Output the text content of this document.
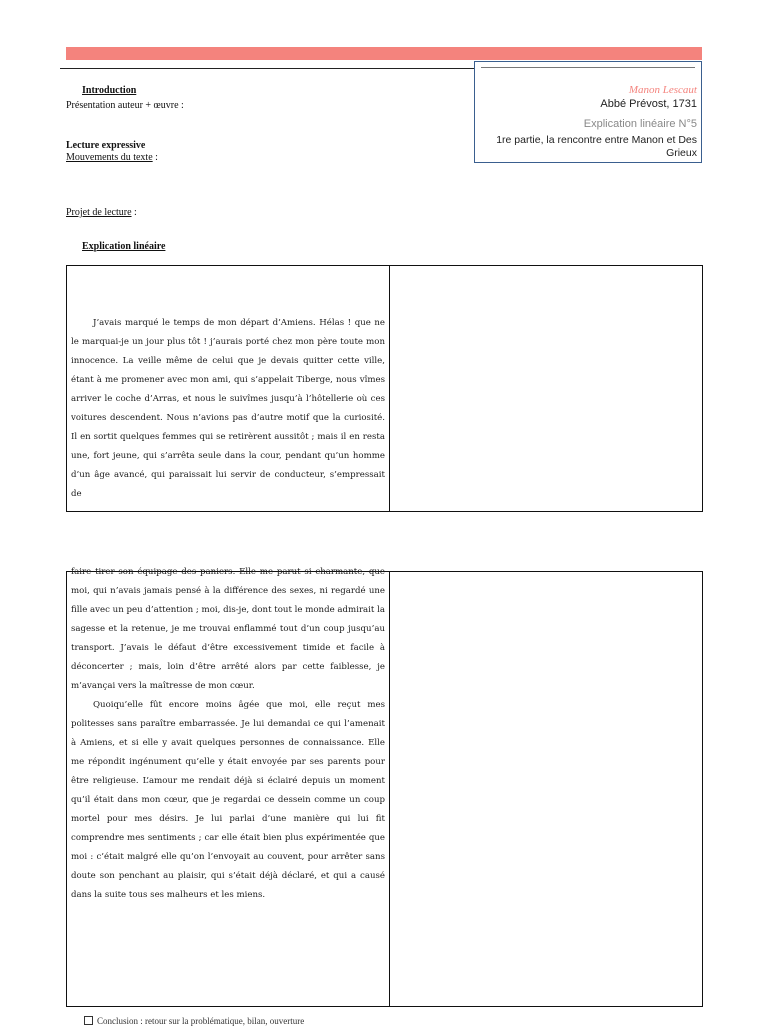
Manon Lescaut
Abbé Prévost, 1731
Explication linéaire N°5
1re partie, la rencontre entre Manon et Des Grieux
Introduction
Présentation auteur + œuvre :
Lecture expressive
Mouvements du texte :
Projet de lecture :
Explication linéaire

J’avais marqué le temps de mon départ d’Amiens. Hélas ! que ne le marquai-je un jour plus tôt ! j’aurais porté chez mon père toute mon innocence. La veille même de celui que je devais quitter cette ville, étant à me promener avec mon ami, qui s’appelait Tiberge, nous vîmes arriver le coche d’Arras, et nous le suivîmes jusqu’à l’hôtellerie où ces voitures descendent. Nous n’avions pas d’autre motif que la curiosité. Il en sortit quelques femmes qui se retirèrent aussitôt ; mais il en resta une, fort jeune, qui s’arrêta seule dans la cour, pendant qu’un homme d’un âge avancé, qui paraissait lui servir de conducteur, s’empressait de

faire tirer son équipage des paniers. Elle me parut si charmante, que moi, qui n’avais jamais pensé à la différence des sexes, ni regardé une fille avec un peu d’attention ; moi, dis-je, dont tout le monde admirait la sagesse et la retenue, je me trouvai enflammé tout d’un coup jusqu’au transport. J’avais le défaut d’être excessivement timide et facile à déconcerter ; mais, loin d’être arrêté alors par cette faiblesse, je m’avançai vers la maîtresse de mon cœur.

Quoiqu’elle fût encore moins âgée que moi, elle reçut mes politesses sans paraître embarrassée. Je lui demandai ce qui l’amenait à Amiens, et si elle y avait quelques personnes de connaissance. Elle me répondit ingénument qu’elle y était envoyée par ses parents pour être religieuse. L’amour me rendait déjà si éclairé depuis un moment qu’il était dans mon cœur, que je regardai ce dessein comme un coup mortel pour mes désirs. Je lui parlai d’une manière qui lui fit comprendre mes sentiments ; car elle était bien plus expérimentée que moi : c’était malgré elle qu’on l’envoyait au couvent, pour arrêter sans doute son penchant au plaisir, qui s’était déjà déclaré, et qui a causé dans la suite tous ses malheurs et les miens.

Conclusion : retour sur la problématique, bilan, ouverture
